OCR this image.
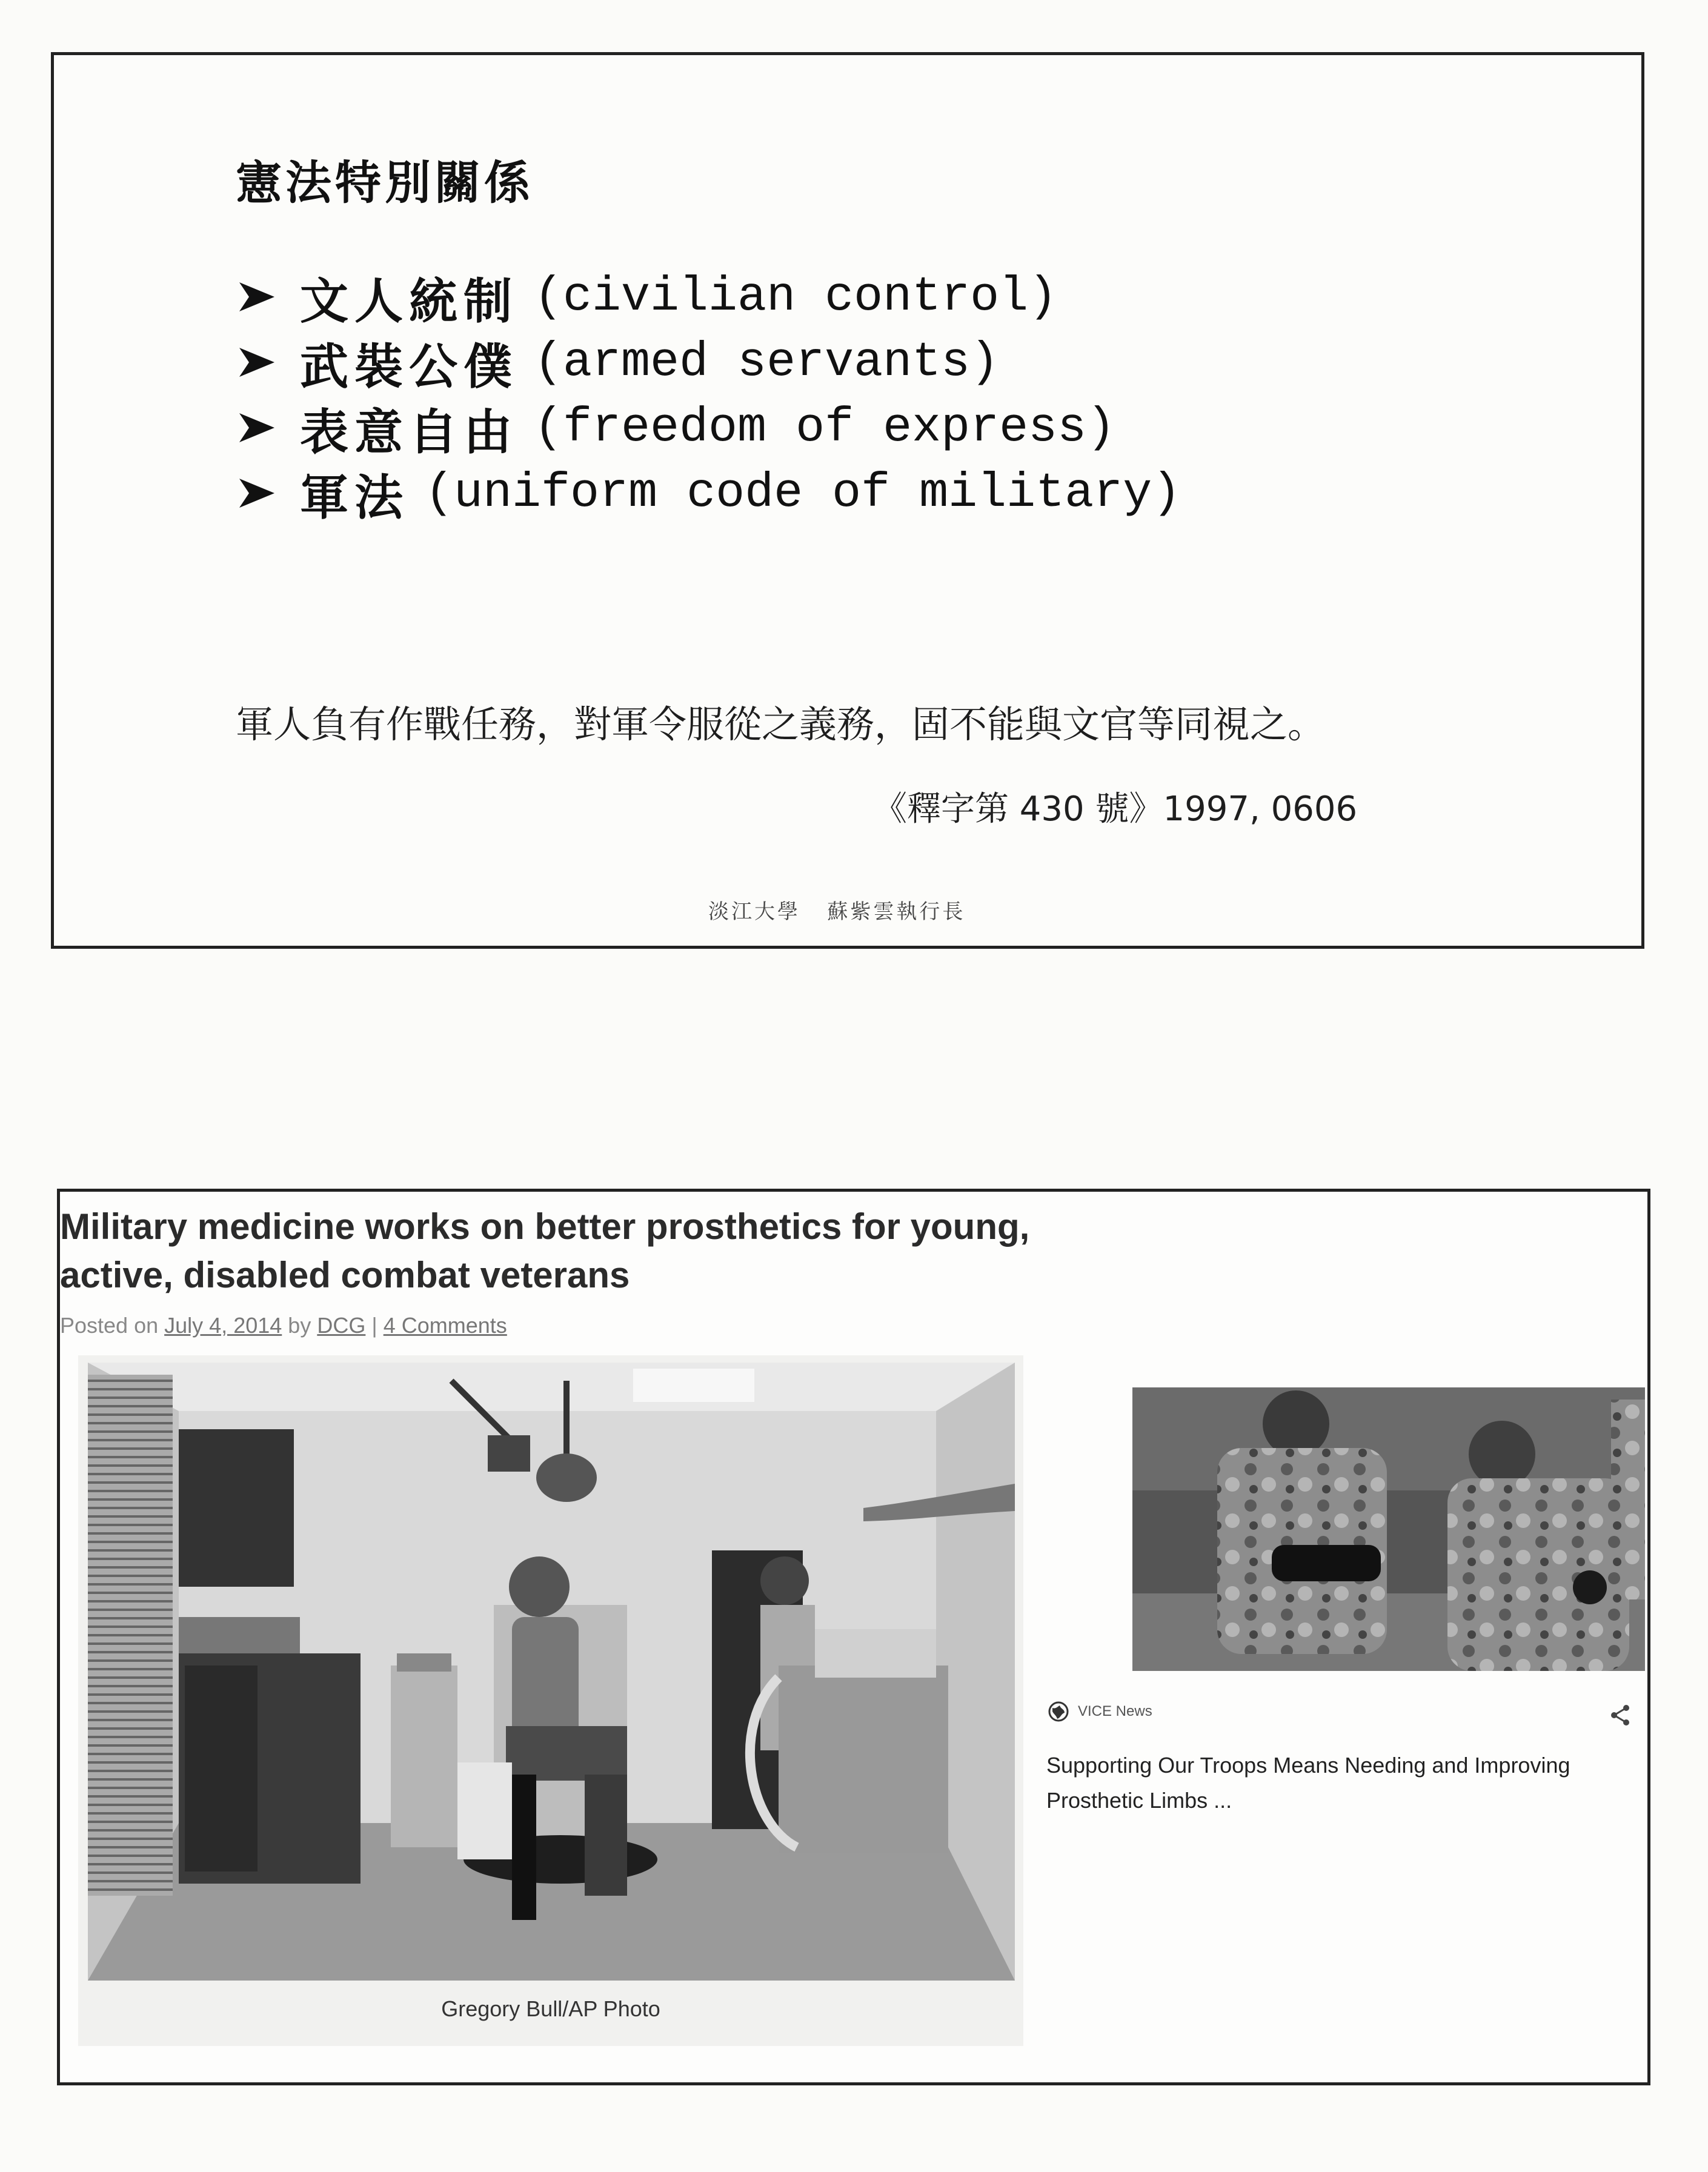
憲法特別關係
文人統制 (civilian control)
武裝公僕 (armed servants)
表意自由 (freedom of express)
軍法 (uniform code of military)
軍人負有作戰任務，對軍令服從之義務，固不能與文官等同視之。
《釋字第 430 號》1997, 0606
淡江大學   蘇紫雲執行長
Military medicine works on better prosthetics for young, active, disabled combat veterans
Posted on July 4, 2014 by DCG | 4 Comments
Gregory Bull/AP Photo
VICE News
Supporting Our Troops Means Needing and Improving Prosthetic Limbs ...
